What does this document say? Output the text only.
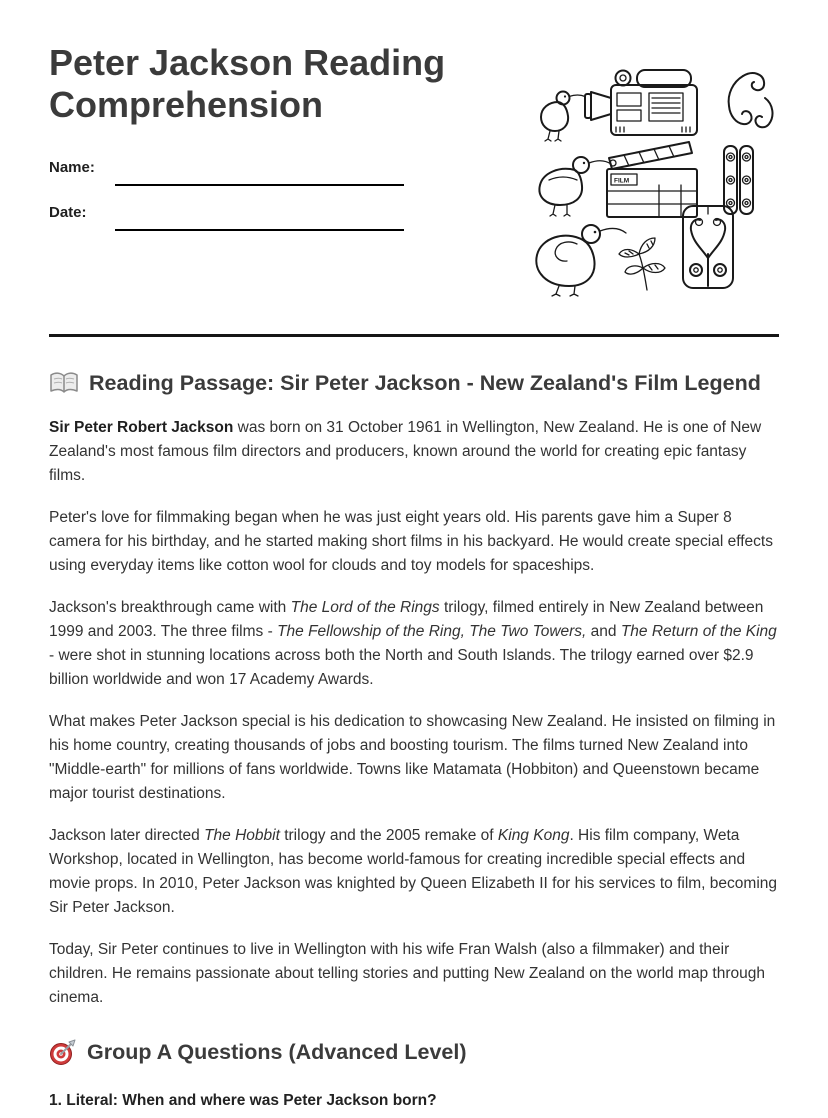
Peter Jackson Reading Comprehension
Name:
Date:
FILM
Reading Passage: Sir Peter Jackson - New Zealand's Film Legend

Sir Peter Robert Jackson was born on 31 October 1961 in Wellington, New Zealand. He is one of New Zealand's most famous film directors and producers, known around the world for creating epic fantasy films.

Peter's love for filmmaking began when he was just eight years old. His parents gave him a Super 8 camera for his birthday, and he started making short films in his backyard. He would create special effects using everyday items like cotton wool for clouds and toy models for spaceships.

Jackson's breakthrough came with The Lord of the Rings trilogy, filmed entirely in New Zealand between 1999 and 2003. The three films - The Fellowship of the Ring, The Two Towers, and The Return of the King - were shot in stunning locations across both the North and South Islands. The trilogy earned over $2.9 billion worldwide and won 17 Academy Awards.

What makes Peter Jackson special is his dedication to showcasing New Zealand. He insisted on filming in his home country, creating thousands of jobs and boosting tourism. The films turned New Zealand into "Middle-earth" for millions of fans worldwide. Towns like Matamata (Hobbiton) and Queenstown became major tourist destinations.

Jackson later directed The Hobbit trilogy and the 2005 remake of King Kong. His film company, Weta Workshop, located in Wellington, has become world-famous for creating incredible special effects and movie props. In 2010, Peter Jackson was knighted by Queen Elizabeth II for his services to film, becoming Sir Peter Jackson.

Today, Sir Peter continues to live in Wellington with his wife Fran Walsh (also a filmmaker) and their children. He remains passionate about telling stories and putting New Zealand on the world map through cinema.

Group A Questions (Advanced Level)

1. Literal: When and where was Peter Jackson born?
